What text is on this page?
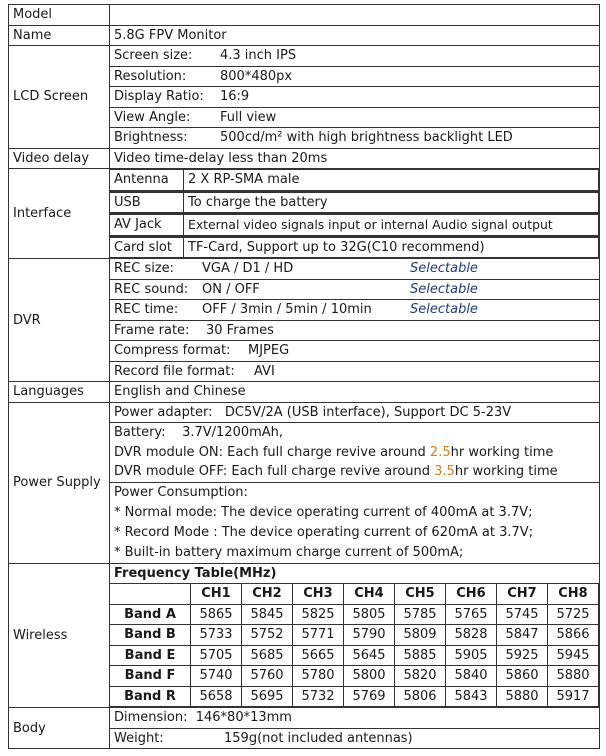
Model	
Name	5.8G FPV Monitor
LCD Screen	Screen size: 4.3 inch IPS
Resolution:	800*480px
Display Ratio: 16:9
View Angle: Full view
Brightness: 500cd/m² with high brightness backlight LED
Video delay	Video time-delay less than 20ms
Interface	
Antenna	2 X RP-SMA male

USB	To charge the battery

AV Jack	External video signals input or internal Audio signal output

Card slot	TF-Card, Support up to 32G(C10 recommend)

DVR	REC size: VGA / D1 / HD	Selectable
REC sound: ON / OFF	Selectable
REC time: OFF / 3min / 5min / 10min	Selectable
Frame rate: 30 Frames
Compress format: MJPEG
Record file format: AVI
Languages	English and Chinese
Power Supply	Power adapter:   DC5V/2A (USB interface), Support DC 5-23V

Battery:    3.7V/1200mAh,
DVR module ON: Each full charge revive around 2.5hr working time
DVR module OFF: Each full charge revive around 3.5hr working time

Power Consumption:
* Normal mode: The device operating current of 400mA at 3.7V;
* Record Mode : The device operating current of 620mA at 3.7V;
* Built-in battery maximum charge current of 500mA;

Wireless	
Frequency Table(MHz)
	CH1	CH2	CH3	CH4	CH5	CH6	CH7	CH8
Band A	5865	5845	5825	5805	5785	5765	5745	5725
Band B	5733	5752	5771	5790	5809	5828	5847	5866
Band E	5705	5685	5665	5645	5885	5905	5925	5945
Band F	5740	5760	5780	5800	5820	5840	5860	5880
Band R	5658	5695	5732	5769	5806	5843	5880	5917

Body	Dimension:  146*80*13mm
Weight:	159g(not included antennas)
